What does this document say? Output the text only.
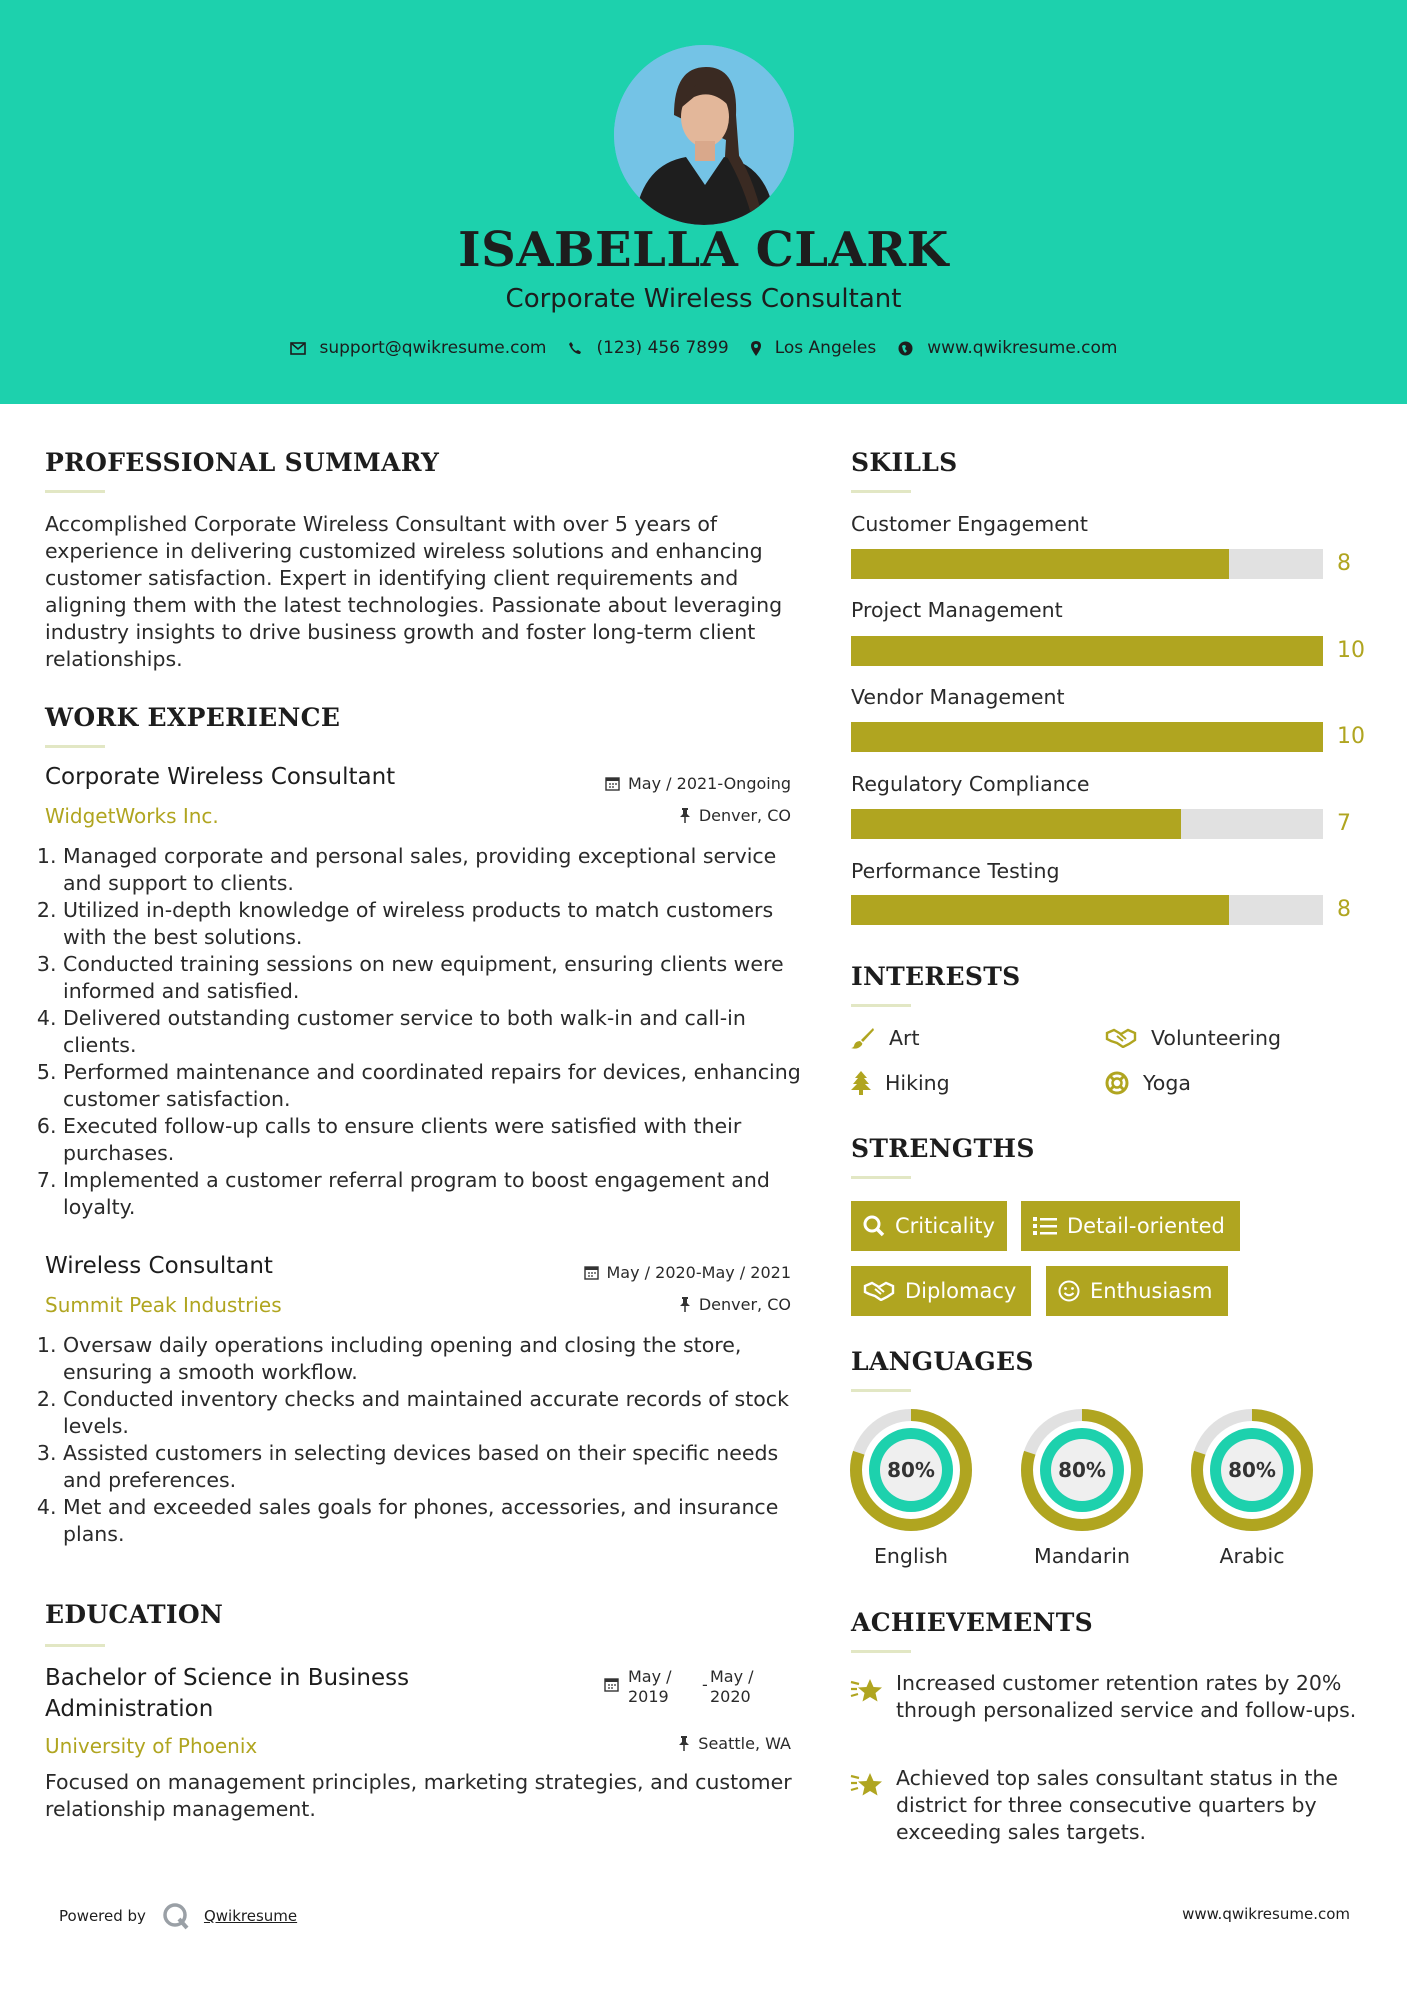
ISABELLA CLARK
Corporate Wireless Consultant
support@qwikresume.com	(123) 456 7899	Los Angeles	www.qwikresume.com
PROFESSIONAL SUMMARY
Accomplished Corporate Wireless Consultant with over 5 years of experience in delivering customized wireless solutions and enhancing customer satisfaction. Expert in identifying client requirements and aligning them with the latest technologies. Passionate about leveraging industry insights to drive business growth and foster long-term client relationships.
WORK EXPERIENCE
Corporate Wireless Consultant
WidgetWorks Inc.
May / 2021-Ongoing
Denver, CO
1. Managed corporate and personal sales, providing exceptional service and support to clients.
2. Utilized in-depth knowledge of wireless products to match customers with the best solutions.
3. Conducted training sessions on new equipment, ensuring clients were informed and satisfied.
4. Delivered outstanding customer service to both walk-in and call-in clients.
5. Performed maintenance and coordinated repairs for devices, enhancing customer satisfaction.
6. Executed follow-up calls to ensure clients were satisfied with their purchases.
7. Implemented a customer referral program to boost engagement and loyalty.
Wireless Consultant
Summit Peak Industries
May / 2020-May / 2021
Denver, CO
1. Oversaw daily operations including opening and closing the store, ensuring a smooth workflow.
2. Conducted inventory checks and maintained accurate records of stock levels.
3. Assisted customers in selecting devices based on their specific needs and preferences.
4. Met and exceeded sales goals for phones, accessories, and insurance plans.
EDUCATION
Bachelor of Science in Business
Administration
University of Phoenix
May /
2019
- May /
2020
Seattle, WA
Focused on management principles, marketing strategies, and customer relationship management.
SKILLS
Customer Engagement
8
Project Management
10
Vendor Management
10
Regulatory Compliance
7
Performance Testing
8
INTERESTS
Art	Volunteering
Hiking	Yoga
STRENGTHS
Criticality	Detail-oriented
Diplomacy	Enthusiasm
LANGUAGES
80%
English
80%
Mandarin
80%
Arabic
ACHIEVEMENTS
Increased customer retention rates by 20% through personalized service and follow-ups.
Achieved top sales consultant status in the district for three consecutive quarters by exceeding sales targets.
Powered by	Qwikresume	www.qwikresume.com
